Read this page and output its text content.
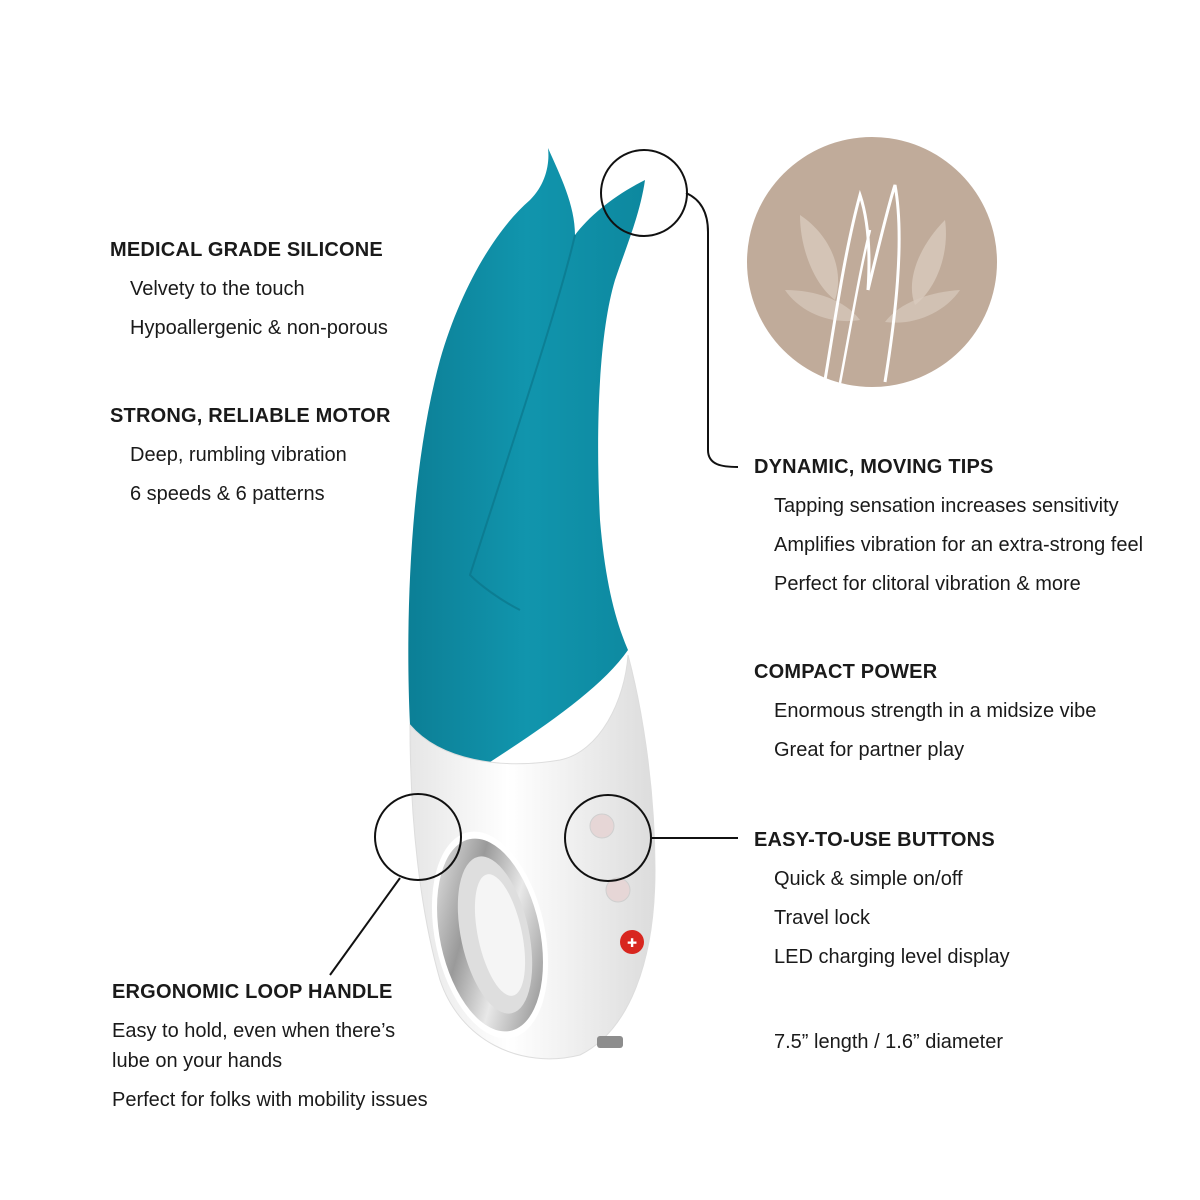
✚

MEDICAL GRADE SILICONE

Velvety to the touch

Hypoallergenic & non-porous

STRONG, RELIABLE MOTOR

Deep, rumbling vibration

6 speeds & 6 patterns

ERGONOMIC LOOP HANDLE

Easy to hold, even when there’s

lube on your hands

Perfect for folks with mobility issues

DYNAMIC, MOVING TIPS

Tapping sensation increases sensitivity

Amplifies vibration for an extra-strong feel

Perfect for clitoral vibration & more

COMPACT POWER

Enormous strength in a midsize vibe

Great for partner play

EASY-TO-USE BUTTONS

Quick & simple on/off

Travel lock

LED charging level display

7.5” length / 1.6” diameter
